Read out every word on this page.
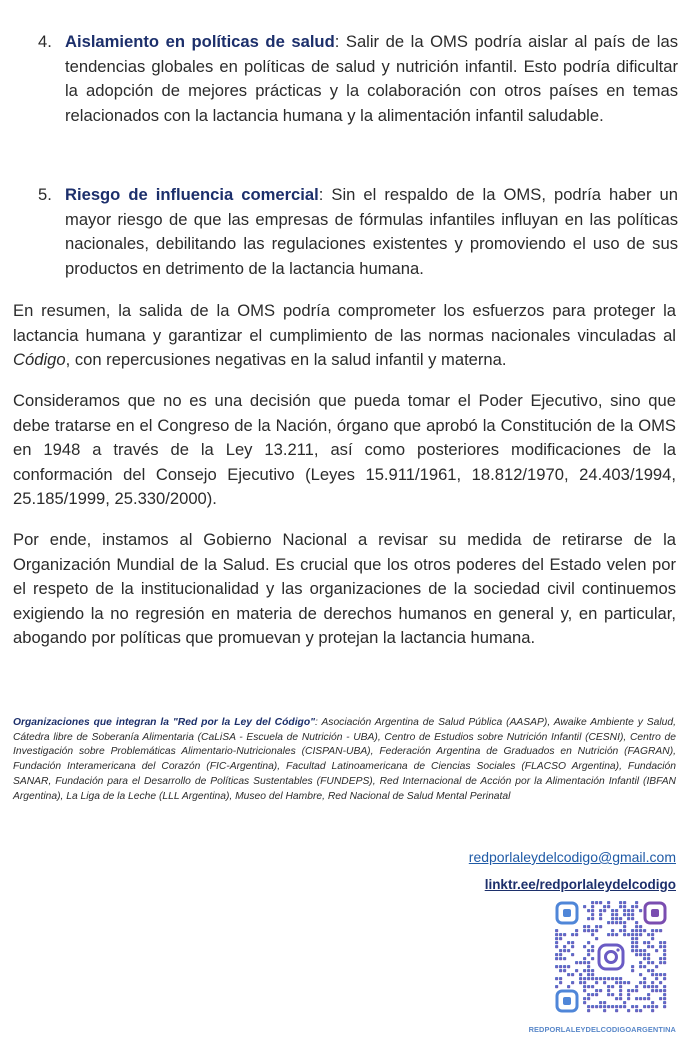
4. Aislamiento en políticas de salud: Salir de la OMS podría aislar al país de las tendencias globales en políticas de salud y nutrición infantil. Esto podría dificultar la adopción de mejores prácticas y la colaboración con otros países en temas relacionados con la lactancia humana y la alimentación infantil saludable.
5. Riesgo de influencia comercial: Sin el respaldo de la OMS, podría haber un mayor riesgo de que las empresas de fórmulas infantiles influyan en las políticas nacionales, debilitando las regulaciones existentes y promoviendo el uso de sus productos en detrimento de la lactancia humana.
En resumen, la salida de la OMS podría comprometer los esfuerzos para proteger la lactancia humana y garantizar el cumplimiento de las normas nacionales vinculadas al Código, con repercusiones negativas en la salud infantil y materna.
Consideramos que no es una decisión que pueda tomar el Poder Ejecutivo, sino que debe tratarse en el Congreso de la Nación, órgano que aprobó la Constitución de la OMS en 1948 a través de la Ley 13.211, así como posteriores modificaciones de la conformación del Consejo Ejecutivo (Leyes 15.911/1961, 18.812/1970, 24.403/1994, 25.185/1999, 25.330/2000).
Por ende, instamos al Gobierno Nacional a revisar su medida de retirarse de la Organización Mundial de la Salud. Es crucial que los otros poderes del Estado velen por el respeto de la institucionalidad y las organizaciones de la sociedad civil continuemos exigiendo la no regresión en materia de derechos humanos en general y, en particular, abogando por políticas que promuevan y protejan la lactancia humana.
Organizaciones que integran la "Red por la Ley del Código": Asociación Argentina de Salud Pública (AASAP), Awaike Ambiente y Salud, Cátedra libre de Soberanía Alimentaria (CaLiSA - Escuela de Nutrición - UBA), Centro de Estudios sobre Nutrición Infantil (CESNI), Centro de Investigación sobre Problemáticas Alimentario-Nutricionales (CISPAN-UBA), Federación Argentina de Graduados en Nutrición (FAGRAN), Fundación Interamericana del Corazón (FIC-Argentina), Facultad Latinoamericana de Ciencias Sociales (FLACSO Argentina), Fundación SANAR, Fundación para el Desarrollo de Políticas Sustentables (FUNDEPS), Red Internacional de Acción por la Alimentación Infantil (IBFAN Argentina), La Liga de la Leche (LLL Argentina), Museo del Hambre, Red Nacional de Salud Mental Perinatal
redporlaleydelcodigo@gmail.com
linktr.ee/redporlaleydelcodigo
REDPORLALEYDELCODIGOARGENTINA
